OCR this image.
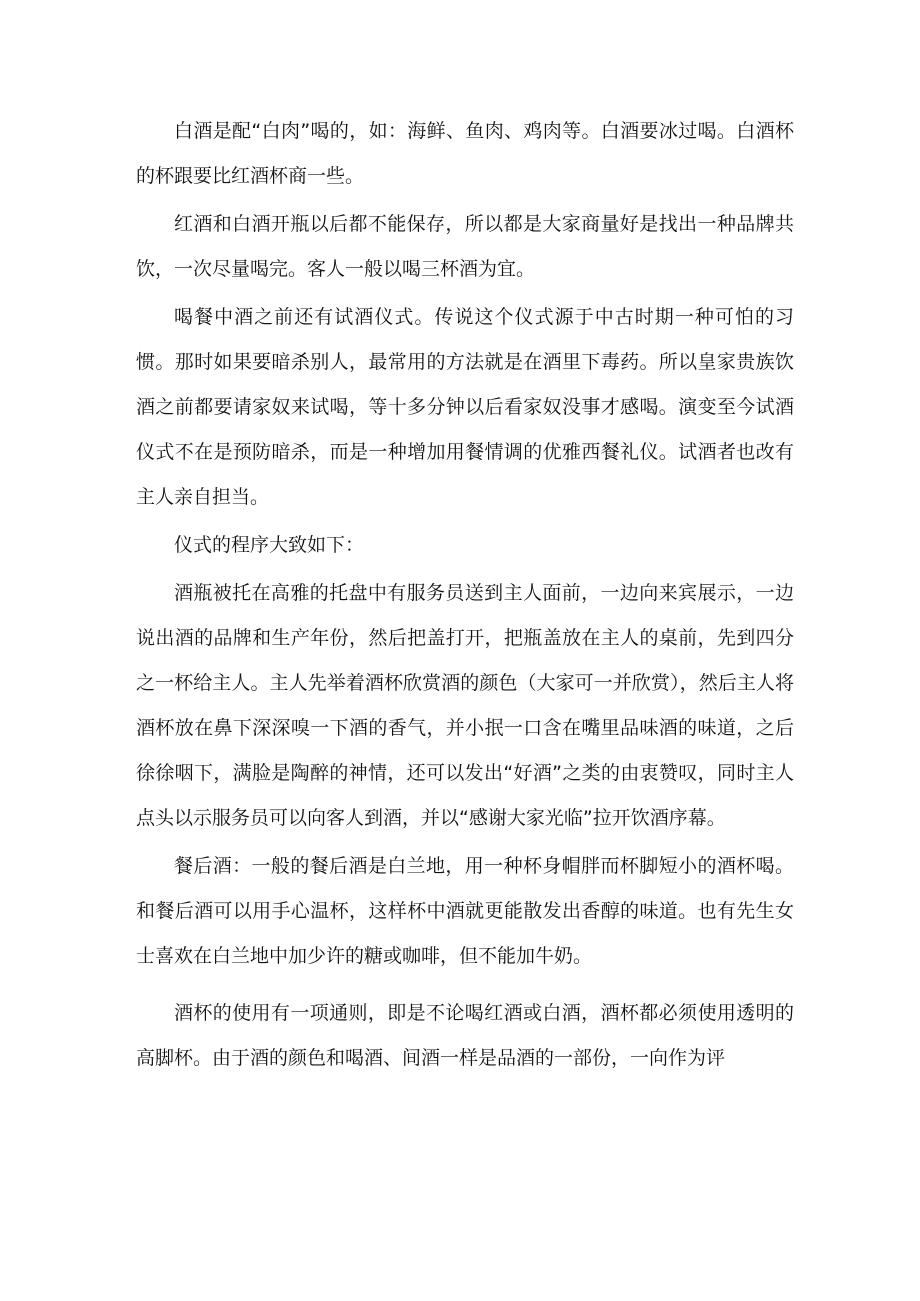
白酒是配“白肉”喝的，如：海鲜、鱼肉、鸡肉等。白酒要冰过喝。白酒杯的杯跟要比红酒杯商一些。

红酒和白酒开瓶以后都不能保存，所以都是大家商量好是找出一种品牌共饮，一次尽量喝完。客人一般以喝三杯酒为宜。

喝餐中酒之前还有试酒仪式。传说这个仪式源于中古时期一种可怕的习惯。那时如果要暗杀别人，最常用的方法就是在酒里下毒药。所以皇家贵族饮酒之前都要请家奴来试喝，等十多分钟以后看家奴没事才感喝。演变至今试酒仪式不在是预防暗杀，而是一种增加用餐情调的优雅西餐礼仪。试酒者也改有主人亲自担当。

仪式的程序大致如下：

酒瓶被托在高雅的托盘中有服务员送到主人面前，一边向来宾展示，一边说出酒的品牌和生产年份，然后把盖打开，把瓶盖放在主人的桌前，先到四分之一杯给主人。主人先举着酒杯欣赏酒的颜色（大家可一并欣赏），然后主人将酒杯放在鼻下深深嗅一下酒的香气，并小抿一口含在嘴里品味酒的味道，之后徐徐咽下，满脸是陶醉的神情，还可以发出“好酒”之类的由衷赞叹，同时主人点头以示服务员可以向客人到酒，并以“感谢大家光临”拉开饮酒序幕。

餐后酒：一般的餐后酒是白兰地，用一种杯身帽胖而杯脚短小的酒杯喝。和餐后酒可以用手心温杯，这样杯中酒就更能散发出香醇的味道。也有先生女士喜欢在白兰地中加少许的糖或咖啡，但不能加牛奶。

酒杯的使用有一项通则，即是不论喝红酒或白酒，酒杯都必须使用透明的高脚杯。由于酒的颜色和喝酒、间酒一样是品酒的一部份，一向作为评
